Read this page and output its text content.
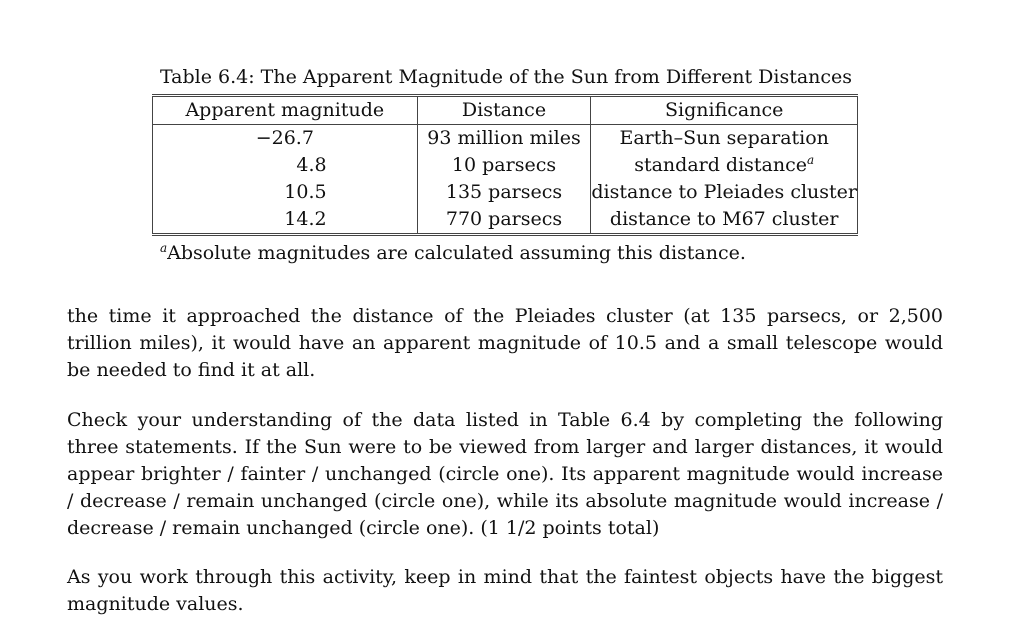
Table 6.4: The Apparent Magnitude of the Sun from Different Distances
Apparent magnitude	Distance	Significance
−26.7	93 million miles	Earth–Sun separation
4.8	10 parsecs	standard distance$^a$
10.5	135 parsecs	distance to Pleiades cluster
14.2	770 parsecs	distance to M67 cluster
$^a$Absolute magnitudes are calculated assuming this distance.

the time it approached the distance of the Pleiades cluster (at 135 parsecs, or 2,500 trillion miles), it would have an apparent magnitude of 10.5 and a small telescope would be needed to find it at all.

Check your understanding of the data listed in Table 6.4 by completing the following three statements. If the Sun were to be viewed from larger and larger distances, it would appear brighter / fainter / unchanged (circle one). Its apparent magnitude would increase / decrease / remain unchanged (circle one), while its absolute magnitude would increase / decrease / remain unchanged (circle one). (1 1/2 points total)

As you work through this activity, keep in mind that the faintest objects have the biggest magnitude values.
